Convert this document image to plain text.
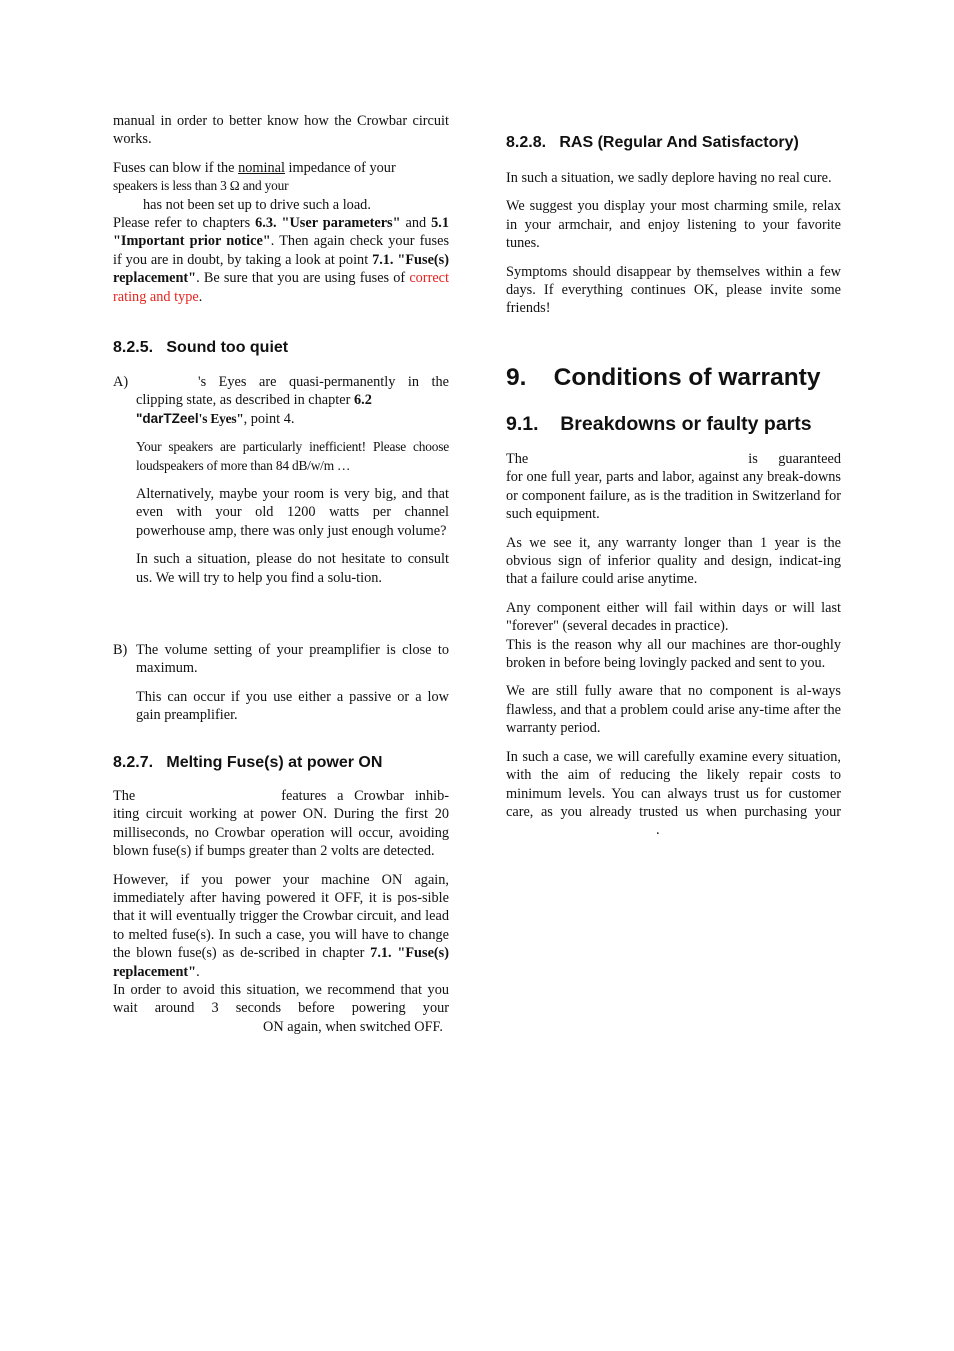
manual in order to better know how the Crowbar circuit works.

Fuses can blow if the nominal impedance of your
speakers is less than 3 Ω and your
has not been set up to drive such a load.

Please refer to chapters 6.3. "User parameters" and 5.1 "Important prior notice". Then again check your fuses if you are in doubt, by taking a look at point 7.1. "Fuse(s) replacement". Be sure that you are using fuses of correct rating and type.

8.2.5. Sound too quiet

A)	's Eyes are quasi-permanently in the clipping state, as described in chapter 6.2
"darTZeel's Eyes", point 4.

Your speakers are particularly inefficient! Please choose loudspeakers of more than 84 dB/w/m …

Alternatively, maybe your room is very big, and that even with your old 1200 watts per channel powerhouse amp, there was only just enough volume?

In such a situation, please do not hesitate to consult us. We will try to help you find a solu-tion.

B) The volume setting of your preamplifier is close to maximum.

This can occur if you use either a passive or a low gain preamplifier.

8.2.7. Melting Fuse(s) at power ON

The	features a Crowbar inhib-iting circuit working at power ON. During the first 20 milliseconds, no Crowbar operation will occur, avoiding blown fuse(s) if bumps greater than 2 volts are detected.

However, if you power your machine ON again, immediately after having powered it OFF, it is pos-sible that it will eventually trigger the Crowbar circuit, and lead to melted fuse(s). In such a case, you will have to change the blown fuse(s) as de-scribed in chapter 7.1. "Fuse(s) replacement".

In order to avoid this situation, we recommend that you wait around 3 seconds before powering your ON again, when switched OFF.

8.2.8. RAS (Regular And Satisfactory)

In such a situation, we sadly deplore having no real cure.

We suggest you display your most charming smile, relax in your armchair, and enjoy listening to your favorite tunes.

Symptoms should disappear by themselves within a few days. If everything continues OK, please invite some friends!

9. Conditions of warranty
9.1. Breakdowns or faulty parts

The	is guaranteed for one full year, parts and labor, against any break-downs or component failure, as is the tradition in Switzerland for such equipment.

As we see it, any warranty longer than 1 year is the obvious sign of inferior quality and design, indicat-ing that a failure could arise anytime.

Any component either will fail within days or will last "forever" (several decades in practice).
This is the reason why all our machines are thor-oughly broken in before being lovingly packed and sent to you.

We are still fully aware that no component is al-ways flawless, and that a problem could arise any-time after the warranty period.

In such a case, we will carefully examine every situation, with the aim of reducing the likely repair costs to minimum levels. You can always trust us for customer care, as you already trusted us when purchasing your.
